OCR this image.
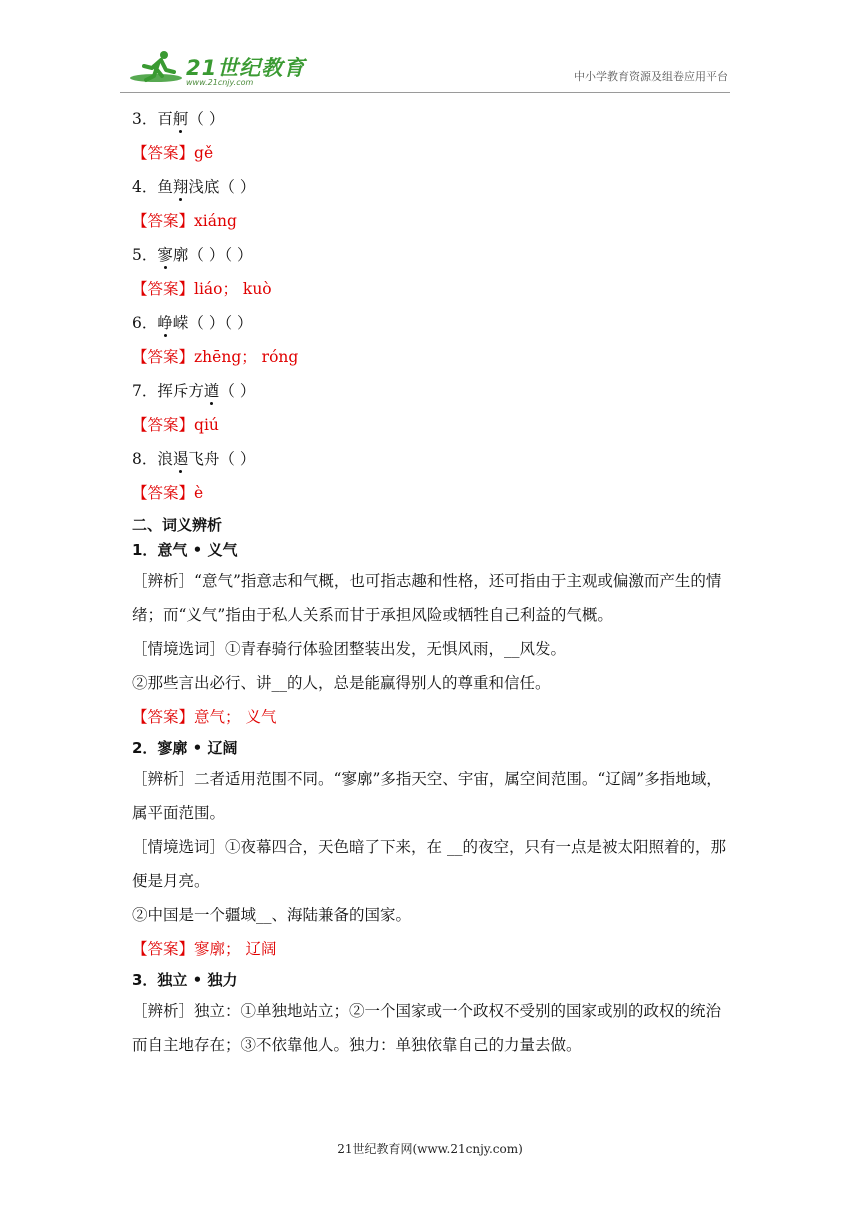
21世纪教育
www.21cnjy.com	中小学教育资源及组卷应用平台
3．百舸（ ）
【答案】gě
4．鱼翔浅底（ ）
【答案】xiáng
5．寥廓（ ）（ ）
【答案】liáo； kuò
6．峥嵘（ ）（ ）
【答案】zhēng； róng
7．挥斥方遒（ ）
【答案】qiú
8．浪遏飞舟（ ）
【答案】è
二、词义辨析
1．意气 • 义气
［辨析］“意气”指意志和气概，也可指志趣和性格，还可指由于主观或偏激而产生的情绪；而“义气”指由于私人关系而甘于承担风险或牺牲自己利益的气概。
［情境选词］①青春骑行体验团整装出发，无惧风雨，__风发。
②那些言出必行、讲__的人，总是能赢得别人的尊重和信任。
【答案】意气； 义气
2．寥廓 • 辽阔
［辨析］二者适用范围不同。“寥廓”多指天空、宇宙，属空间范围。“辽阔”多指地域，属平面范围。
［情境选词］①夜幕四合，天色暗了下来，在 __的夜空，只有一点是被太阳照着的，那便是月亮。
②中国是一个疆域__、海陆兼备的国家。
【答案】寥廓； 辽阔
3．独立 • 独力
［辨析］独立：①单独地站立；②一个国家或一个政权不受别的国家或别的政权的统治而自主地存在；③不依靠他人。独力：单独依靠自己的力量去做。
21世纪教育网(www.21cnjy.com)
